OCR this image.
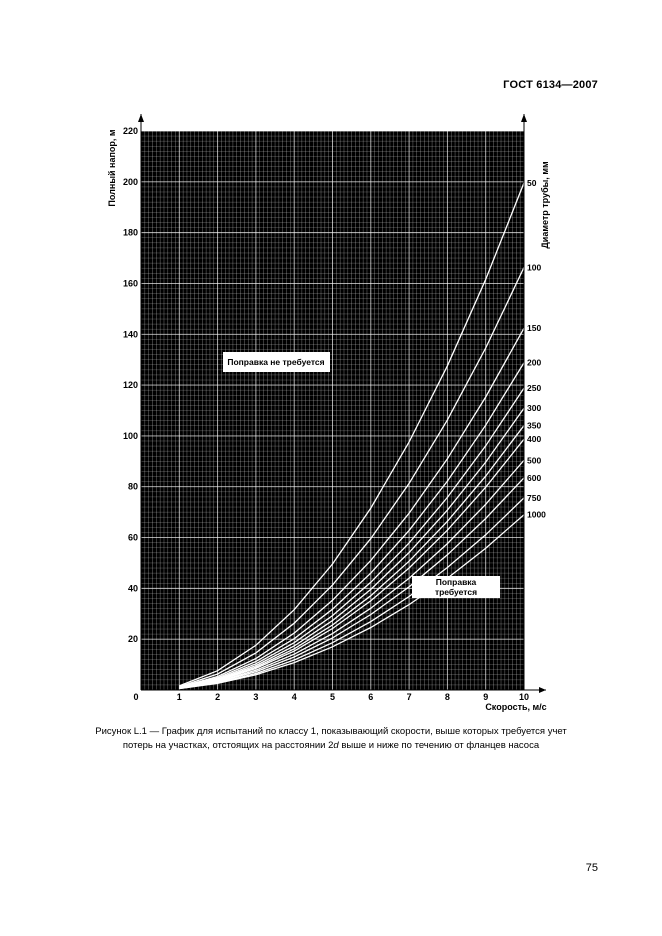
ГОСТ 6134—2007
0	1	2	3	4	5	6	7	8	9	10
20
40
60
80
100
120
140
160
180
200
220
50
100
150
200
250
300
350
400
500
600
750
1000
Поправка не требуется
Поправка
требуется
Полный напор, м	Диаметр трубы, мм
Скорость, м/с
Рисунок L.1 — График для испытаний по классу 1, показывающий скорости, выше которых требуется учет
потерь на участках, отстоящих на расстоянии 2d выше и ниже по течению от фланцев насоса
75
